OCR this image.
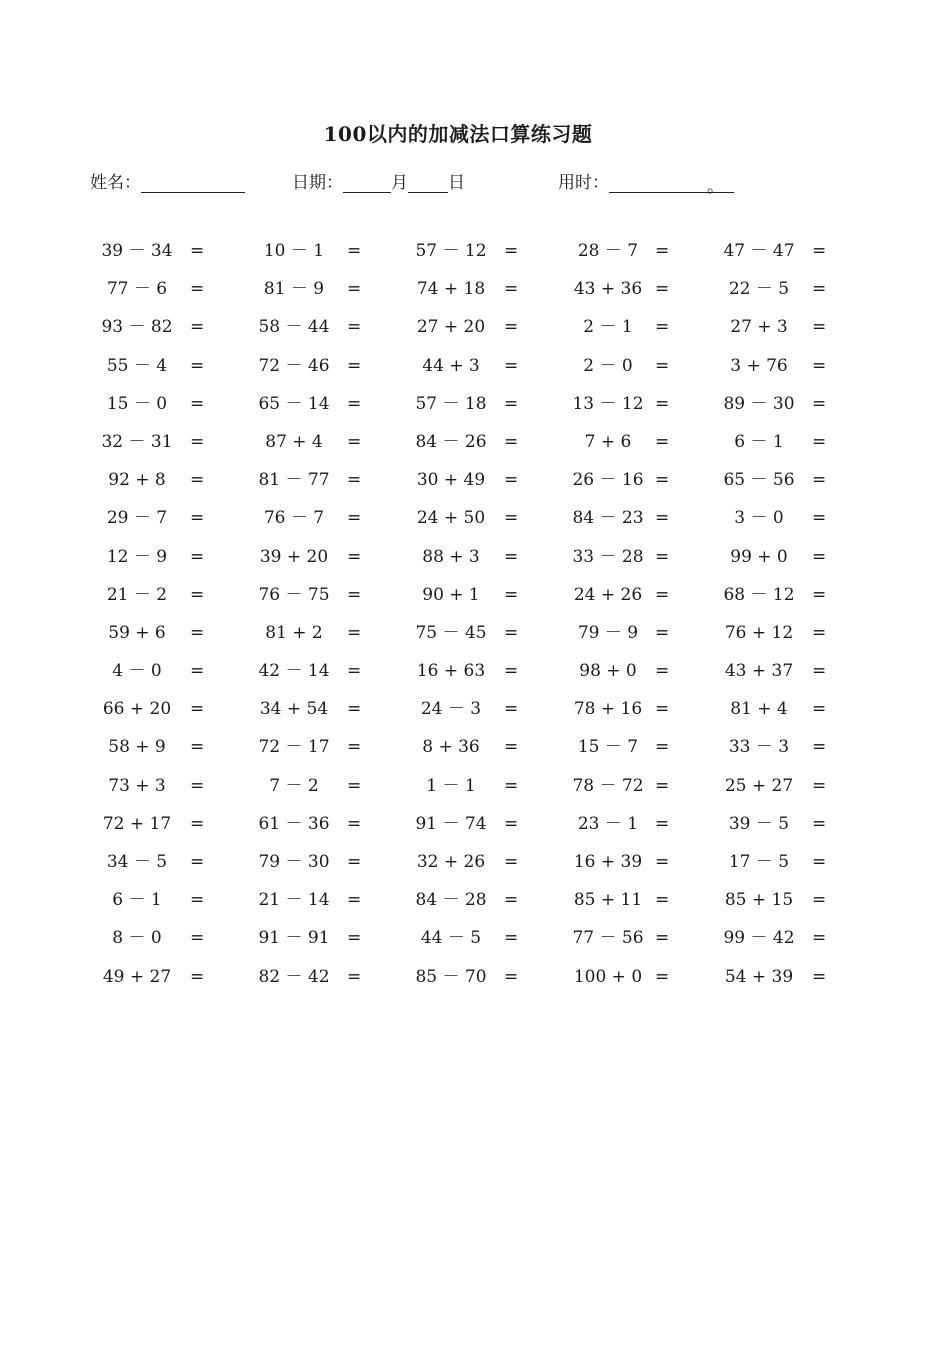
100以内的加减法口算练习题
姓名：	日期：	月 日	用时：	。
39 － 34 =	10 － 1	=	57 － 12 =	28 － 7 =	47 － 47 =
77 － 6	=	81 － 9	=	74 + 18	=	43 + 36 =	22 － 5	=
93 － 82 =	58 － 44 =	27 + 20	=	2 － 1	=	27 + 3	=
55 － 4	=	72 － 46 =	44 + 3	=	2 － 0	=	3 + 76	=
15 － 0	=	65 － 14 =	57 － 18 =	13 － 12 =	89 － 30 =
32 － 31 =	87 + 4	=	84 － 26 =	7 + 6	=	6 － 1	=
92 + 8	=	81 － 77 =	30 + 49	=	26 － 16 =	65 － 56 =
29 － 7	=	76 － 7	=	24 + 50	=	84 － 23 =	3 － 0	=
12 － 9	=	39 + 20	=	88 + 3	=	33 － 28 =	99 + 0	=
21 － 2	=	76 － 75 =	90 + 1	=	24 + 26 =	68 － 12 =
59 + 6	=	81 + 2	=	75 － 45 =	79 － 9 =	76 + 12	=
4 － 0	=	42 － 14 =	16 + 63	=	98 + 0	=	43 + 37	=
66 + 20	=	34 + 54	=	24 － 3	=	78 + 16 =	81 + 4	=
58 + 9	=	72 － 17 =	8 + 36	=	15 － 7 =	33 － 3	=
73 + 3	=	7 － 2	=	1 － 1	=	78 － 72 =	25 + 27	=
72 + 17	=	61 － 36 =	91 － 74 =	23 － 1 =	39 － 5	=
34 － 5	=	79 － 30 =	32 + 26	=	16 + 39 =	17 － 5	=
6 － 1	=	21 － 14 =	84 － 28 =	85 + 11 =	85 + 15	=
8 － 0	=	91 － 91 =	44 － 5	=	77 － 56 =	99 － 42 =
49 + 27	=	82 － 42 =	85 － 70 =	100 + 0 =	54 + 39	=
